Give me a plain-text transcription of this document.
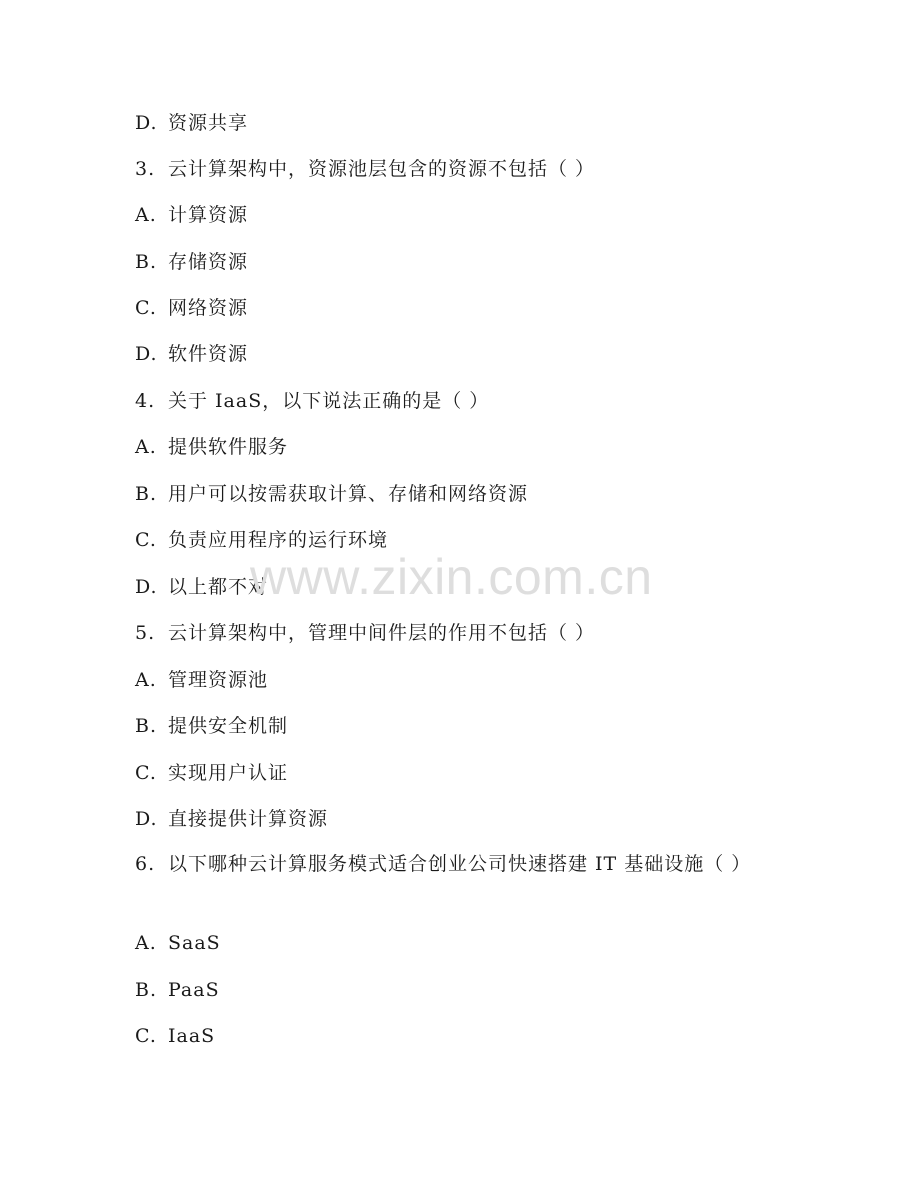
D. 资源共享
3. 云计算架构中，资源池层包含的资源不包括（ ）
A. 计算资源
B. 存储资源
C. 网络资源
D. 软件资源
4. 关于 IaaS，以下说法正确的是（ ）
A. 提供软件服务
B. 用户可以按需获取计算、存储和网络资源
C. 负责应用程序的运行环境
D. 以上都不对
5. 云计算架构中，管理中间件层的作用不包括（ ）
A. 管理资源池
B. 提供安全机制
C. 实现用户认证
D. 直接提供计算资源
6. 以下哪种云计算服务模式适合创业公司快速搭建 IT 基础设施（ ）
A. SaaS
B. PaaS
C. IaaS
www.zixin.com.cn
